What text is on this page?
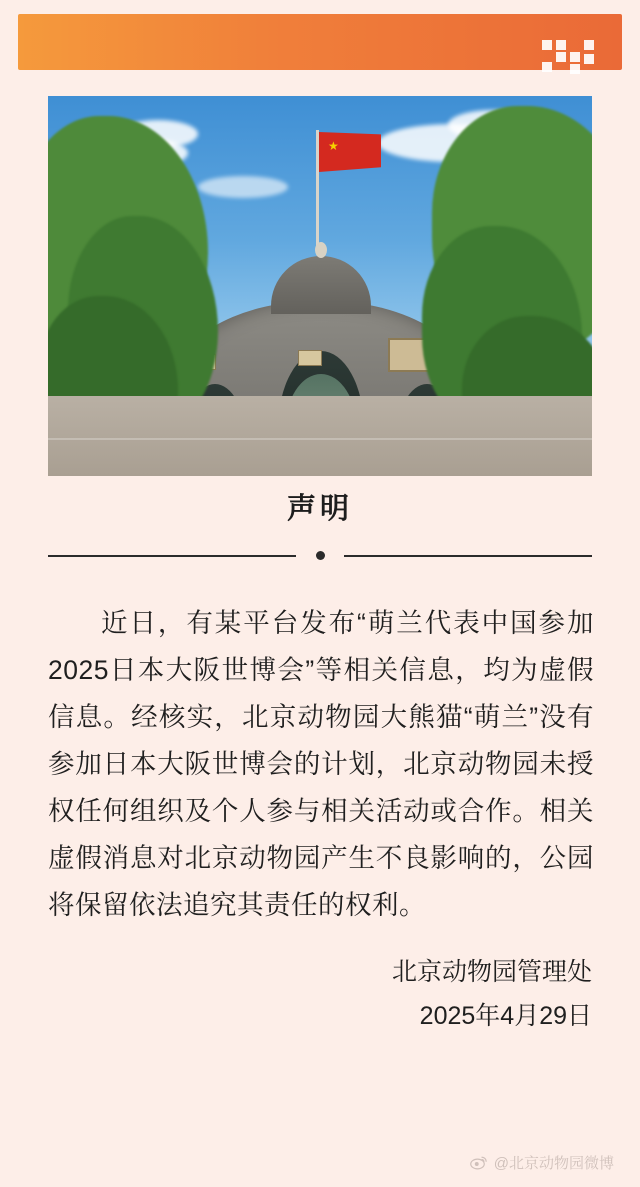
★
声明
近日，有某平台发布“萌兰代表中国参加2025日本大阪世博会”等相关信息，均为虚假信息。经核实，北京动物园大熊猫“萌兰”没有参加日本大阪世博会的计划，北京动物园未授权任何组织及个人参与相关活动或合作。相关虚假消息对北京动物园产生不良影响的，公园将保留依法追究其责任的权利。
北京动物园管理处
2025年4月29日
@北京动物园微博
